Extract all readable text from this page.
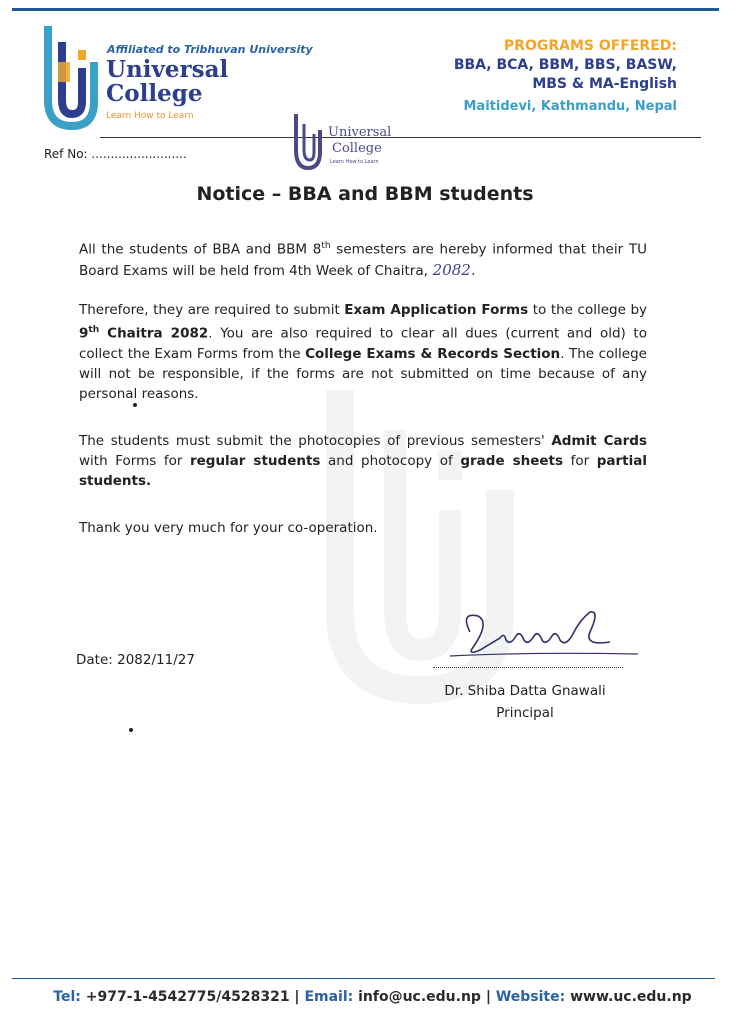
Affiliated to Tribhuvan University
Universal
College
Learn How to Learn
PROGRAMS OFFERED:
BBA, BCA, BBM, BBS, BASW,
MBS & MA-English
Maitidevi, Kathmandu, Nepal
Ref No: .........................
Universal
College
Learn How to Learn
Notice – BBA and BBM students
All the students of BBA and BBM 8th semesters are hereby informed that their TU Board Exams will be held from 4th Week of Chaitra, 2082.
Therefore, they are required to submit Exam Application Forms to the college by 9th Chaitra 2082. You are also required to clear all dues (current and old) to collect the Exam Forms from the College Exams & Records Section. The college will not be responsible, if the forms are not submitted on time because of any personal reasons.
The students must submit the photocopies of previous semesters' Admit Cards with Forms for regular students and photocopy of grade sheets for partial students.
Thank you very much for your co-operation.
Date: 2082/11/27
Dr. Shiba Datta Gnawali
Principal
Tel: +977-1-4542775/4528321 | Email: info@uc.edu.np | Website: www.uc.edu.np
